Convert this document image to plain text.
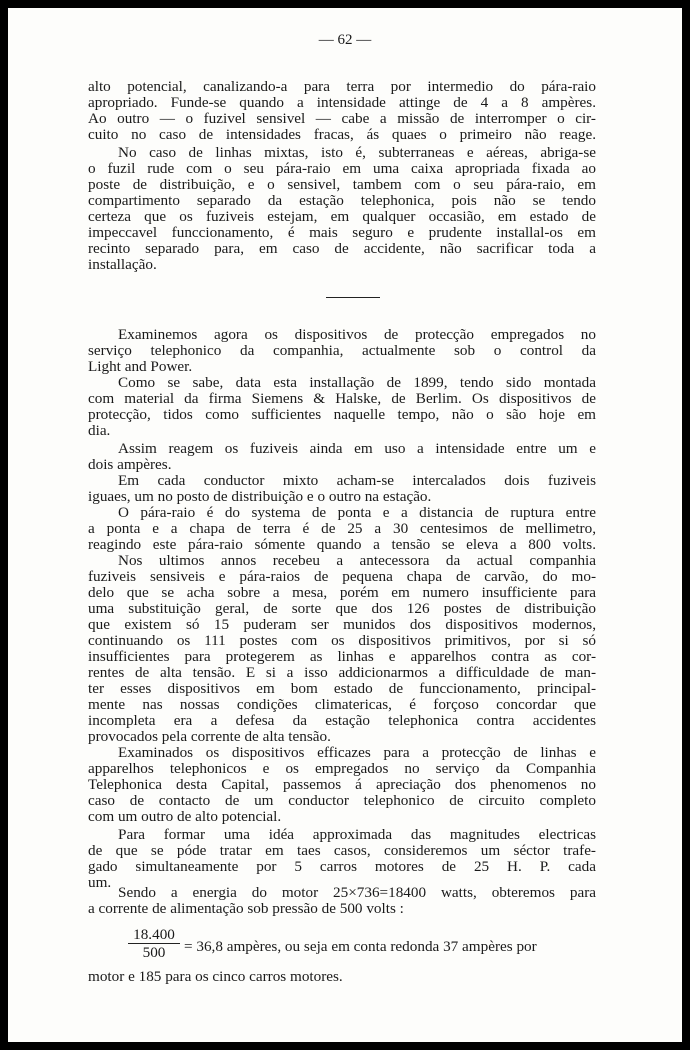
— 62 —
$\frac{18.400}{500} = 36,8$ ampères, ou seja em conta redonda 37 ampères por
alto potencial, canalizando-a para terra por intermedio do pára-raio
apropriado. Funde-se quando a intensidade attinge de 4 a 8 ampères.
Ao outro — o fuzivel sensivel — cabe a missão de interromper o cir-
cuito no caso de intensidades fracas, ás quaes o primeiro não reage.
No caso de linhas mixtas, isto é, subterraneas e aéreas, abriga-se
o fuzil rude com o seu pára-raio em uma caixa apropriada fixada ao
poste de distribuição, e o sensivel, tambem com o seu pára-raio, em
compartimento separado da estação telephonica, pois não se tendo
certeza que os fuziveis estejam, em qualquer occasião, em estado de
impeccavel funccionamento, é mais seguro e prudente installal-os em
recinto separado para, em caso de accidente, não sacrificar toda a
installação.
Examinemos agora os dispositivos de protecção empregados no
serviço telephonico da companhia, actualmente sob o control da
Light and Power.
Como se sabe, data esta installação de 1899, tendo sido montada
com material da firma Siemens & Halske, de Berlim. Os dispositivos de
protecção, tidos como sufficientes naquelle tempo, não o são hoje em
dia.
Assim reagem os fuziveis ainda em uso a intensidade entre um e
dois ampères.
Em cada conductor mixto acham-se intercalados dois fuziveis
iguaes, um no posto de distribuição e o outro na estação.
O pára-raio é do systema de ponta e a distancia de ruptura entre
a ponta e a chapa de terra é de 25 a 30 centesimos de mellimetro,
reagindo este pára-raio sómente quando a tensão se eleva a 800 volts.
Nos ultimos annos recebeu a antecessora da actual companhia
fuziveis sensiveis e pára-raios de pequena chapa de carvão, do mo-
delo que se acha sobre a mesa, porém em numero insufficiente para
uma substituição geral, de sorte que dos 126 postes de distribuição
que existem só 15 puderam ser munidos dos dispositivos modernos,
continuando os 111 postes com os dispositivos primitivos, por si só
insufficientes para protegerem as linhas e apparelhos contra as cor-
rentes de alta tensão. E si a isso addicionarmos a difficuldade de man-
ter esses dispositivos em bom estado de funccionamento, principal-
mente nas nossas condições climatericas, é forçoso concordar que
incompleta era a defesa da estação telephonica contra accidentes
provocados pela corrente de alta tensão.
Examinados os dispositivos efficazes para a protecção de linhas e
apparelhos telephonicos e os empregados no serviço da Companhia
Telephonica desta Capital, passemos á apreciação dos phenomenos no
caso de contacto de um conductor telephonico de circuito completo
com um outro de alto potencial.
Para formar uma idéa approximada das magnitudes electricas
de que se póde tratar em taes casos, consideremos um séctor trafe-
gado simultaneamente por 5 carros motores de 25 H. P. cada
um.
Sendo a energia do motor 25×736=18400 watts, obteremos para
a corrente de alimentação sob pressão de 500 volts :
motor e 185 para os cinco carros motores.
